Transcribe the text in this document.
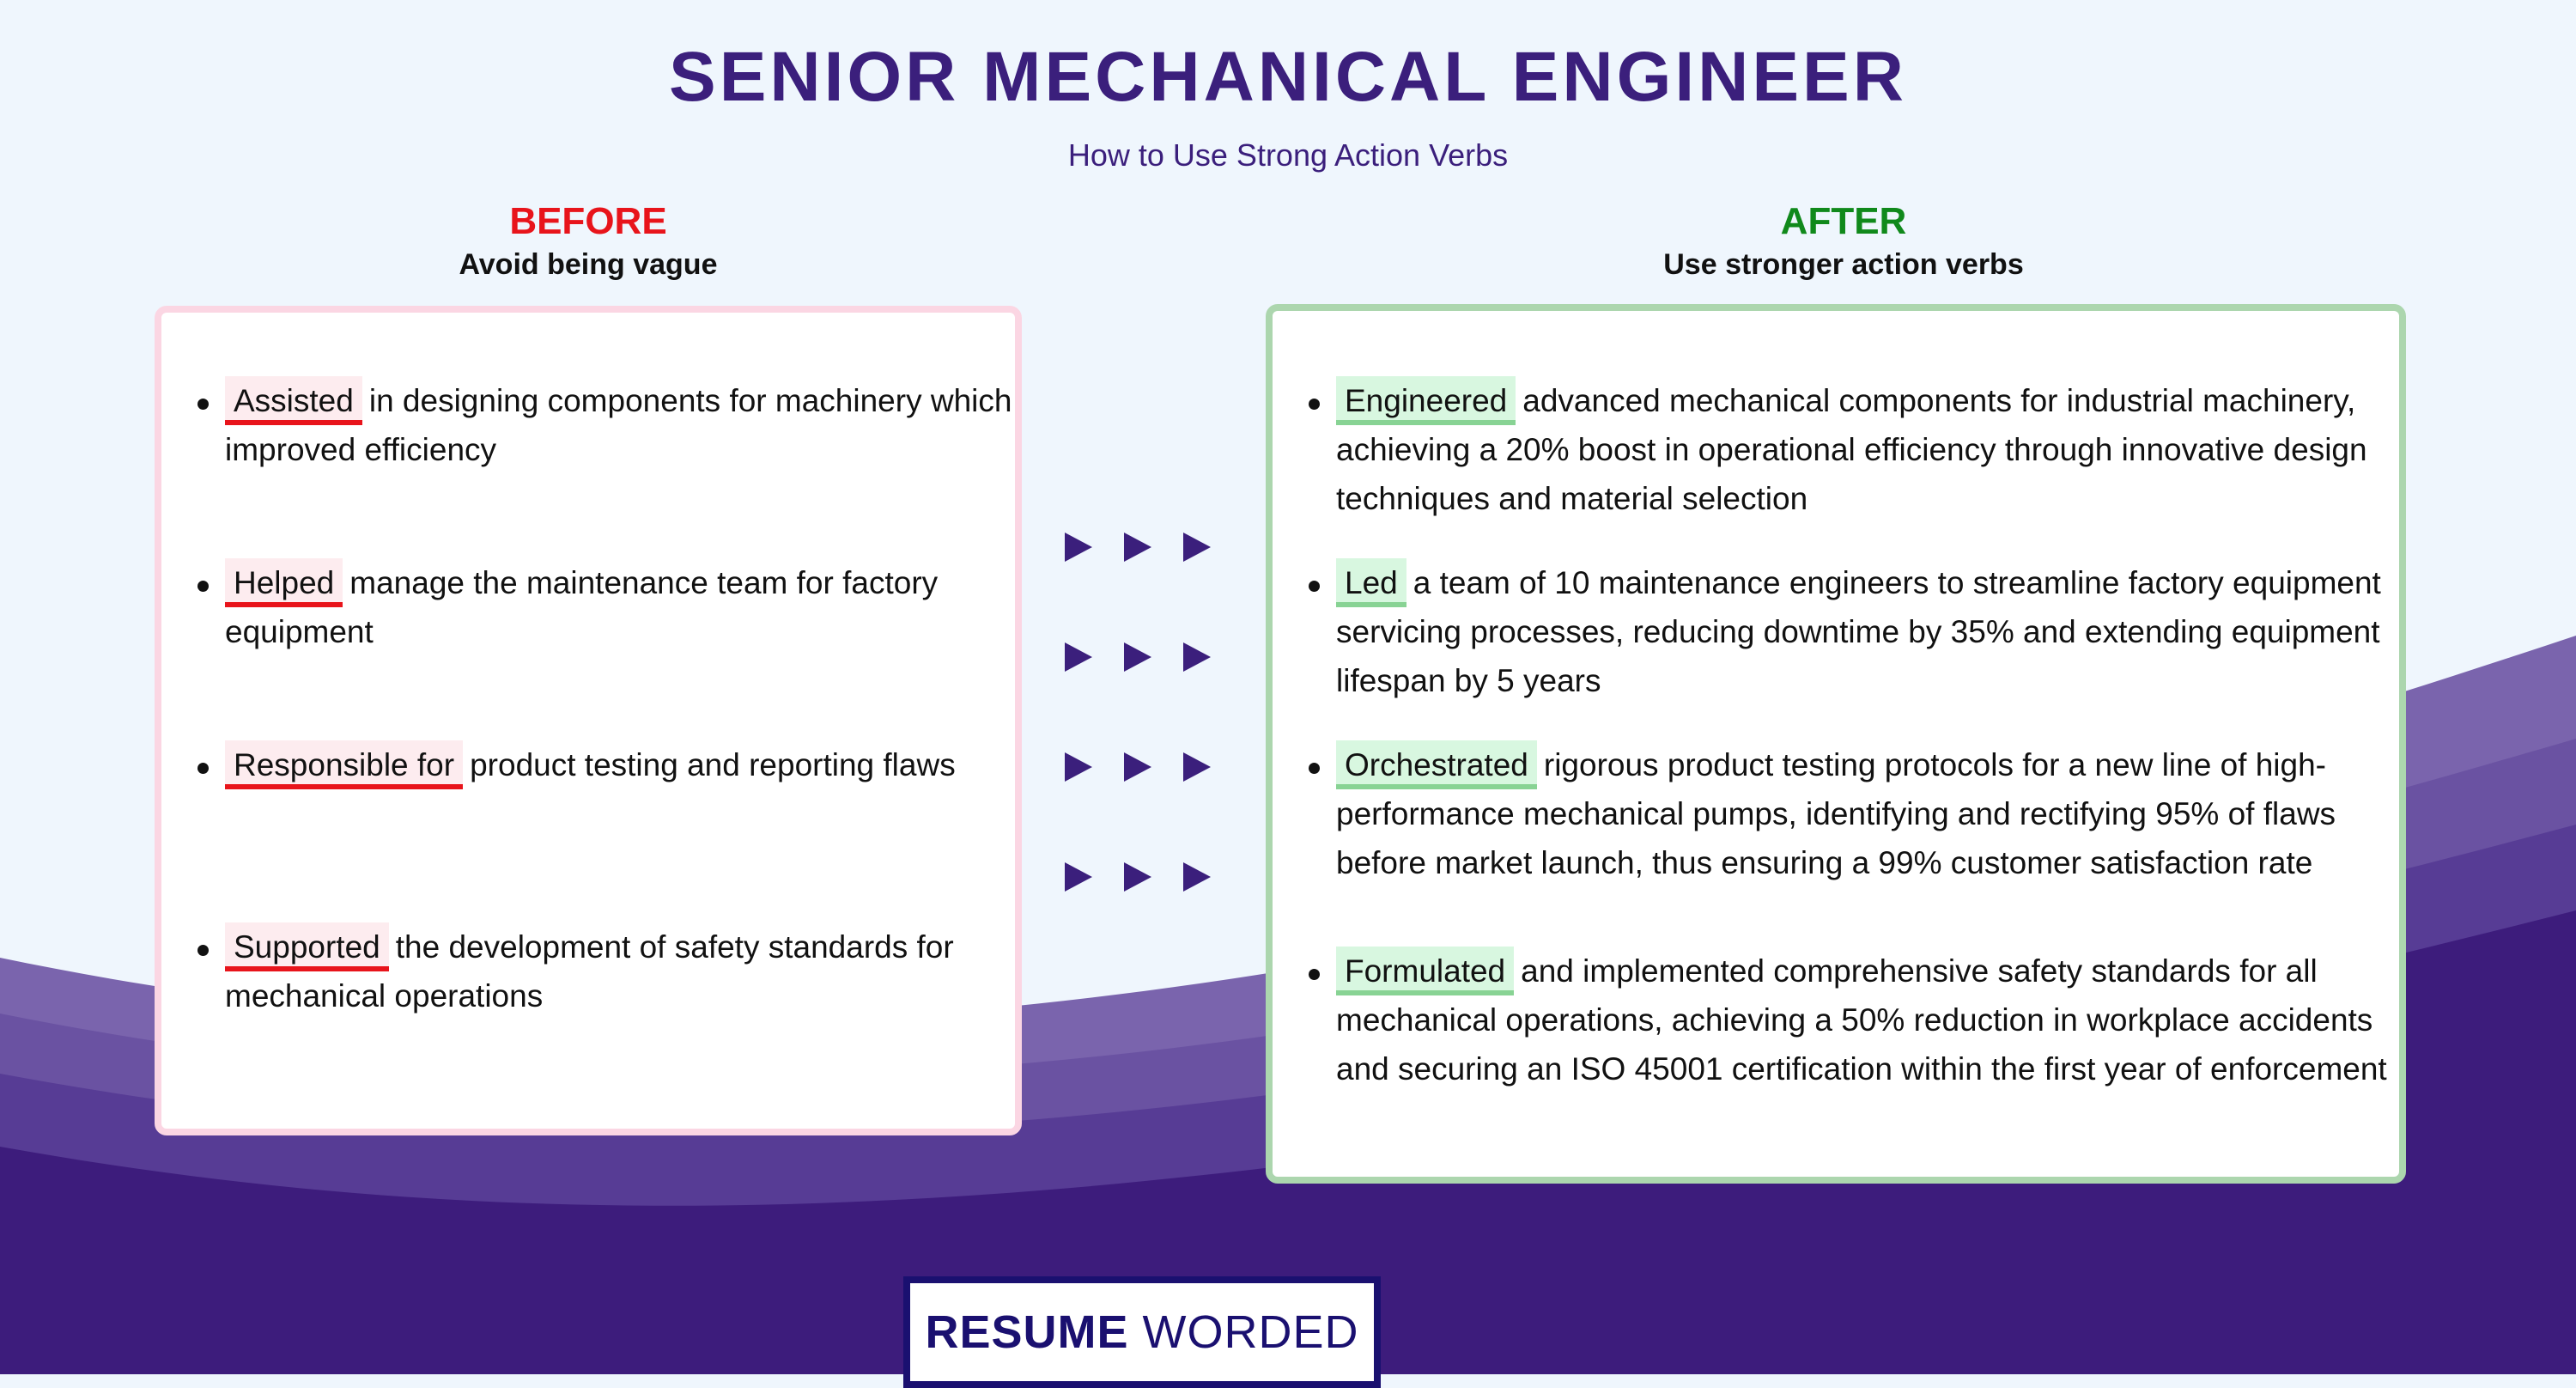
SENIOR MECHANICAL ENGINEER
How to Use Strong Action Verbs
BEFORE
Avoid being vague
AFTER
Use stronger action verbs

Assisted in designing components for machinery which improved efficiency

Helped manage the maintenance team for factory equipment

Responsible for product testing and reporting flaws

Supported the development of safety standards for mechanical operations

Engineered advanced mechanical components for industrial machinery, achieving a 20% boost in operational efficiency through innovative design techniques and material selection

Led a team of 10 maintenance engineers to streamline factory equipment servicing processes, reducing downtime by 35% and extending equipment lifespan by 5 years

Orchestrated rigorous product testing protocols for a new line of high-performance mechanical pumps, identifying and rectifying 95% of flaws before market launch, thus ensuring a 99% customer satisfaction rate

Formulated and implemented comprehensive safety standards for all mechanical operations, achieving a 50% reduction in workplace accidents and securing an ISO 45001 certification within the first year of enforcement

RESUME WORDED
